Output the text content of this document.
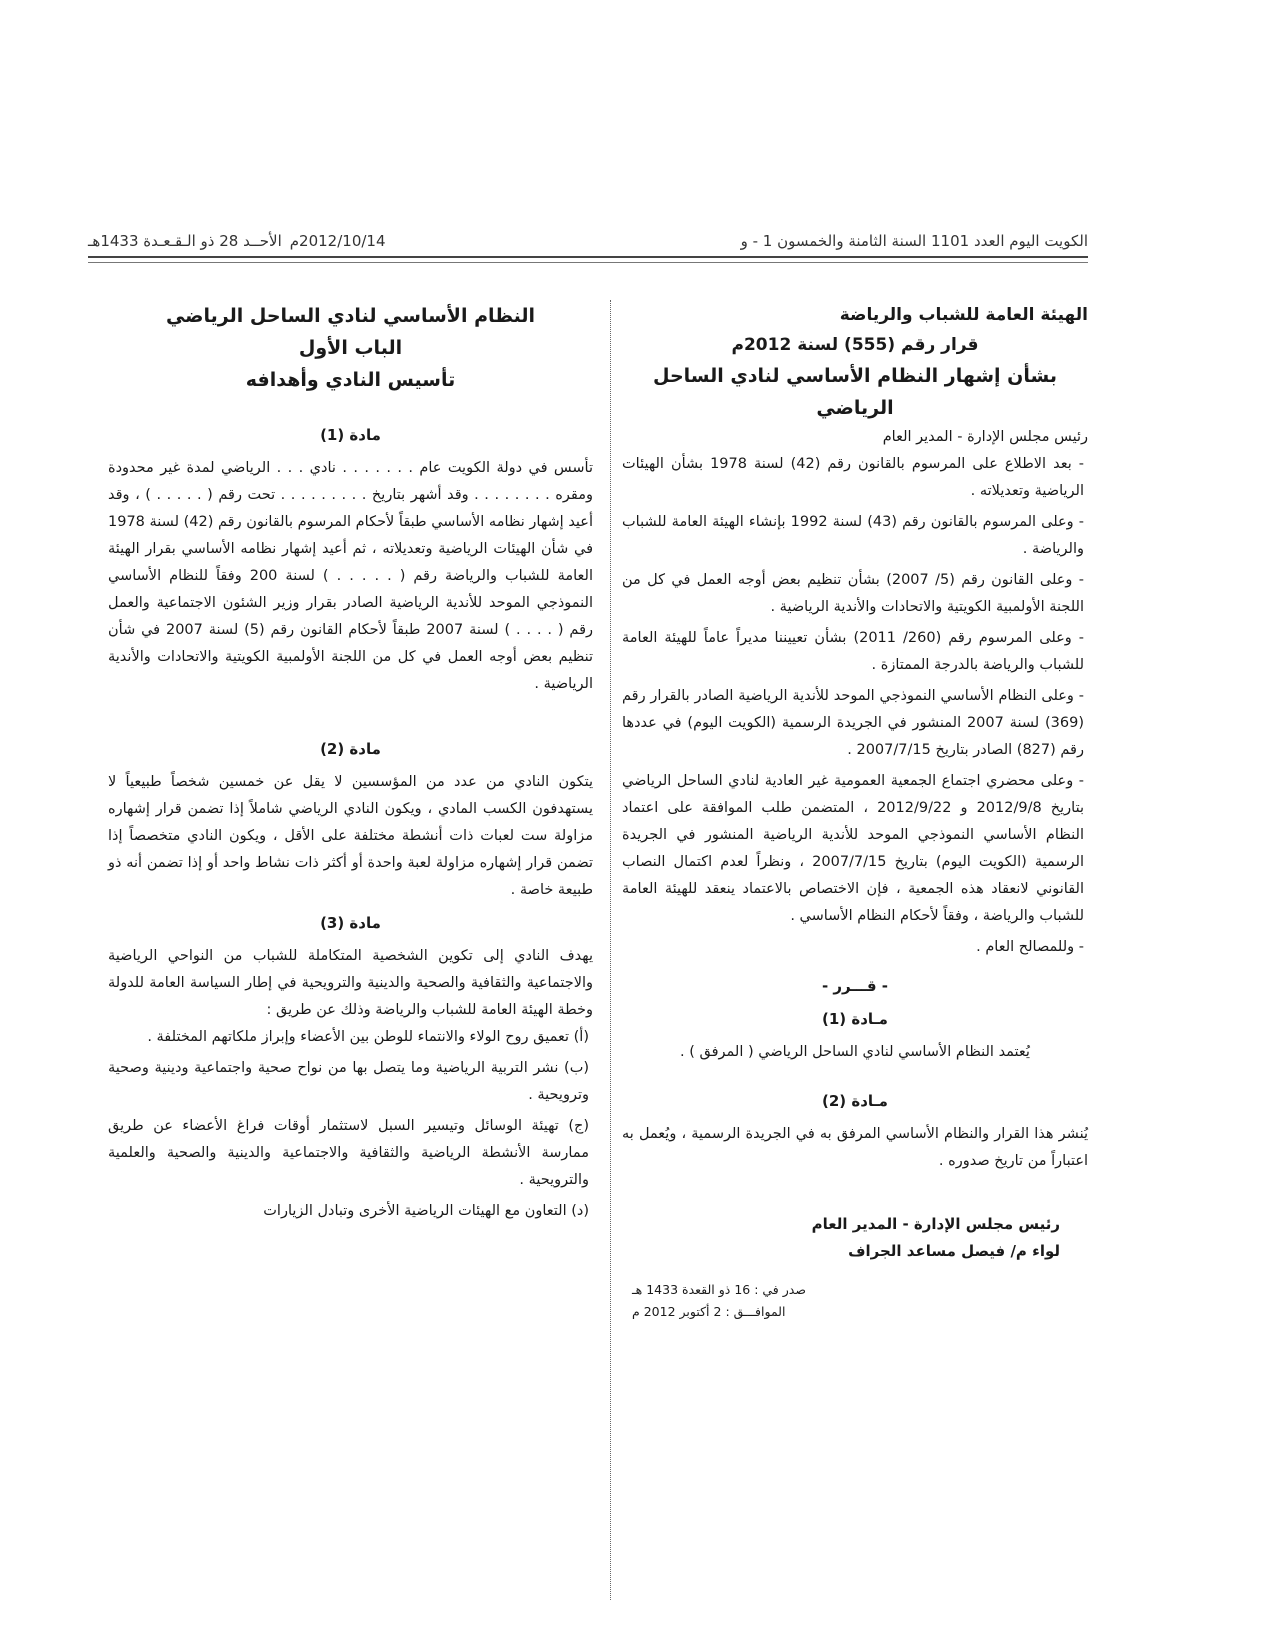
2012/10/14م
الأحــد 28 ذو الـقـعـدة 1433هـ	الكويت اليوم العدد 1101 السنة الثامنة والخمسون 1 - و

الهيئة العامة للشباب والرياضة

قرار رقم (555) لسنة 2012م

بشأن إشهار النظام الأساسي لنادي الساحل الرياضي

رئيس مجلس الإدارة - المدير العام

- بعد الاطلاع على المرسوم بالقانون رقم (42) لسنة 1978 بشأن الهيئات الرياضية وتعديلاته .

- وعلى المرسوم بالقانون رقم (43) لسنة 1992 بإنشاء الهيئة العامة للشباب والرياضة .

- وعلى القانون رقم (5/ 2007) بشأن تنظيم بعض أوجه العمل في كل من اللجنة الأولمبية الكويتية والاتحادات والأندية الرياضية .

- وعلى المرسوم رقم (260/ 2011) بشأن تعييننا مديراً عاماً للهيئة العامة للشباب والرياضة بالدرجة الممتازة .

- وعلى النظام الأساسي النموذجي الموحد للأندية الرياضية الصادر بالقرار رقم (369) لسنة 2007 المنشور في الجريدة الرسمية (الكويت اليوم) في عددها رقم (827) الصادر بتاريخ 2007/7/15 .

- وعلى محضري اجتماع الجمعية العمومية غير العادية لنادي الساحل الرياضي بتاريخ 2012/9/8 و 2012/9/22 ، المتضمن طلب الموافقة على اعتماد النظام الأساسي النموذجي الموحد للأندية الرياضية المنشور في الجريدة الرسمية (الكويت اليوم) بتاريخ 2007/7/15 ، ونظراً لعدم اكتمال النصاب القانوني لانعقاد هذه الجمعية ، فإن الاختصاص بالاعتماد ينعقد للهيئة العامة للشباب والرياضة ، وفقاً لأحكام النظام الأساسي .

- وللمصالح العام .

- قـــرر -

مـادة (1)

يُعتمد النظام الأساسي لنادي الساحل الرياضي ( المرفق ) .

مـادة (2)

يُنشر هذا القرار والنظام الأساسي المرفق به في الجريدة الرسمية ، ويُعمل به اعتباراً من تاريخ صدوره .

رئيس مجلس الإدارة - المدير العام

لواء م/ فيصل مساعد الجراف

صدر في : 16 ذو القعدة 1433 هـ

الموافـــق : 2 أكتوبر 2012 م

النظام الأساسي لنادي الساحل الرياضي

الباب الأول

تأسيس النادي وأهدافه

مادة (1)

تأسس في دولة الكويت عام . . . . . . . نادي . . . الرياضي لمدة غير محدودة ومقره . . . . . . . . وقد أشهر بتاريخ . . . . . . . . . تحت رقم ( . . . . . ) ، وقد أعيد إشهار نظامه الأساسي طبقاً لأحكام المرسوم بالقانون رقم (42) لسنة 1978 في شأن الهيئات الرياضية وتعديلاته ، ثم أعيد إشهار نظامه الأساسي بقرار الهيئة العامة للشباب والرياضة رقم ( . . . . . ) لسنة 200 وفقاً للنظام الأساسي النموذجي الموحد للأندية الرياضية الصادر بقرار وزير الشئون الاجتماعية والعمل رقم ( . . . . ) لسنة 2007 طبقاً لأحكام القانون رقم (5) لسنة 2007 في شأن تنظيم بعض أوجه العمل في كل من اللجنة الأولمبية الكويتية والاتحادات والأندية الرياضية .

مادة (2)

يتكون النادي من عدد من المؤسسين لا يقل عن خمسين شخصاً طبيعياً لا يستهدفون الكسب المادي ، ويكون النادي الرياضي شاملاً إذا تضمن قرار إشهاره مزاولة ست لعبات ذات أنشطة مختلفة على الأقل ، ويكون النادي متخصصاً إذا تضمن قرار إشهاره مزاولة لعبة واحدة أو أكثر ذات نشاط واحد أو إذا تضمن أنه ذو طبيعة خاصة .

مادة (3)

يهدف النادي إلى تكوين الشخصية المتكاملة للشباب من النواحي الرياضية والاجتماعية والثقافية والصحية والدينية والترويحية في إطار السياسة العامة للدولة وخطة الهيئة العامة للشباب والرياضة وذلك عن طريق :

(أ) تعميق روح الولاء والانتماء للوطن بين الأعضاء وإبراز ملكاتهم المختلفة .

(ب) نشر التربية الرياضية وما يتصل بها من نواح صحية واجتماعية ودينية وصحية وترويحية .

(ج) تهيئة الوسائل وتيسير السبل لاستثمار أوقات فراغ الأعضاء عن طريق ممارسة الأنشطة الرياضية والثقافية والاجتماعية والدينية والصحية والعلمية والترويحية .

(د) التعاون مع الهيئات الرياضية الأخرى وتبادل الزيارات
